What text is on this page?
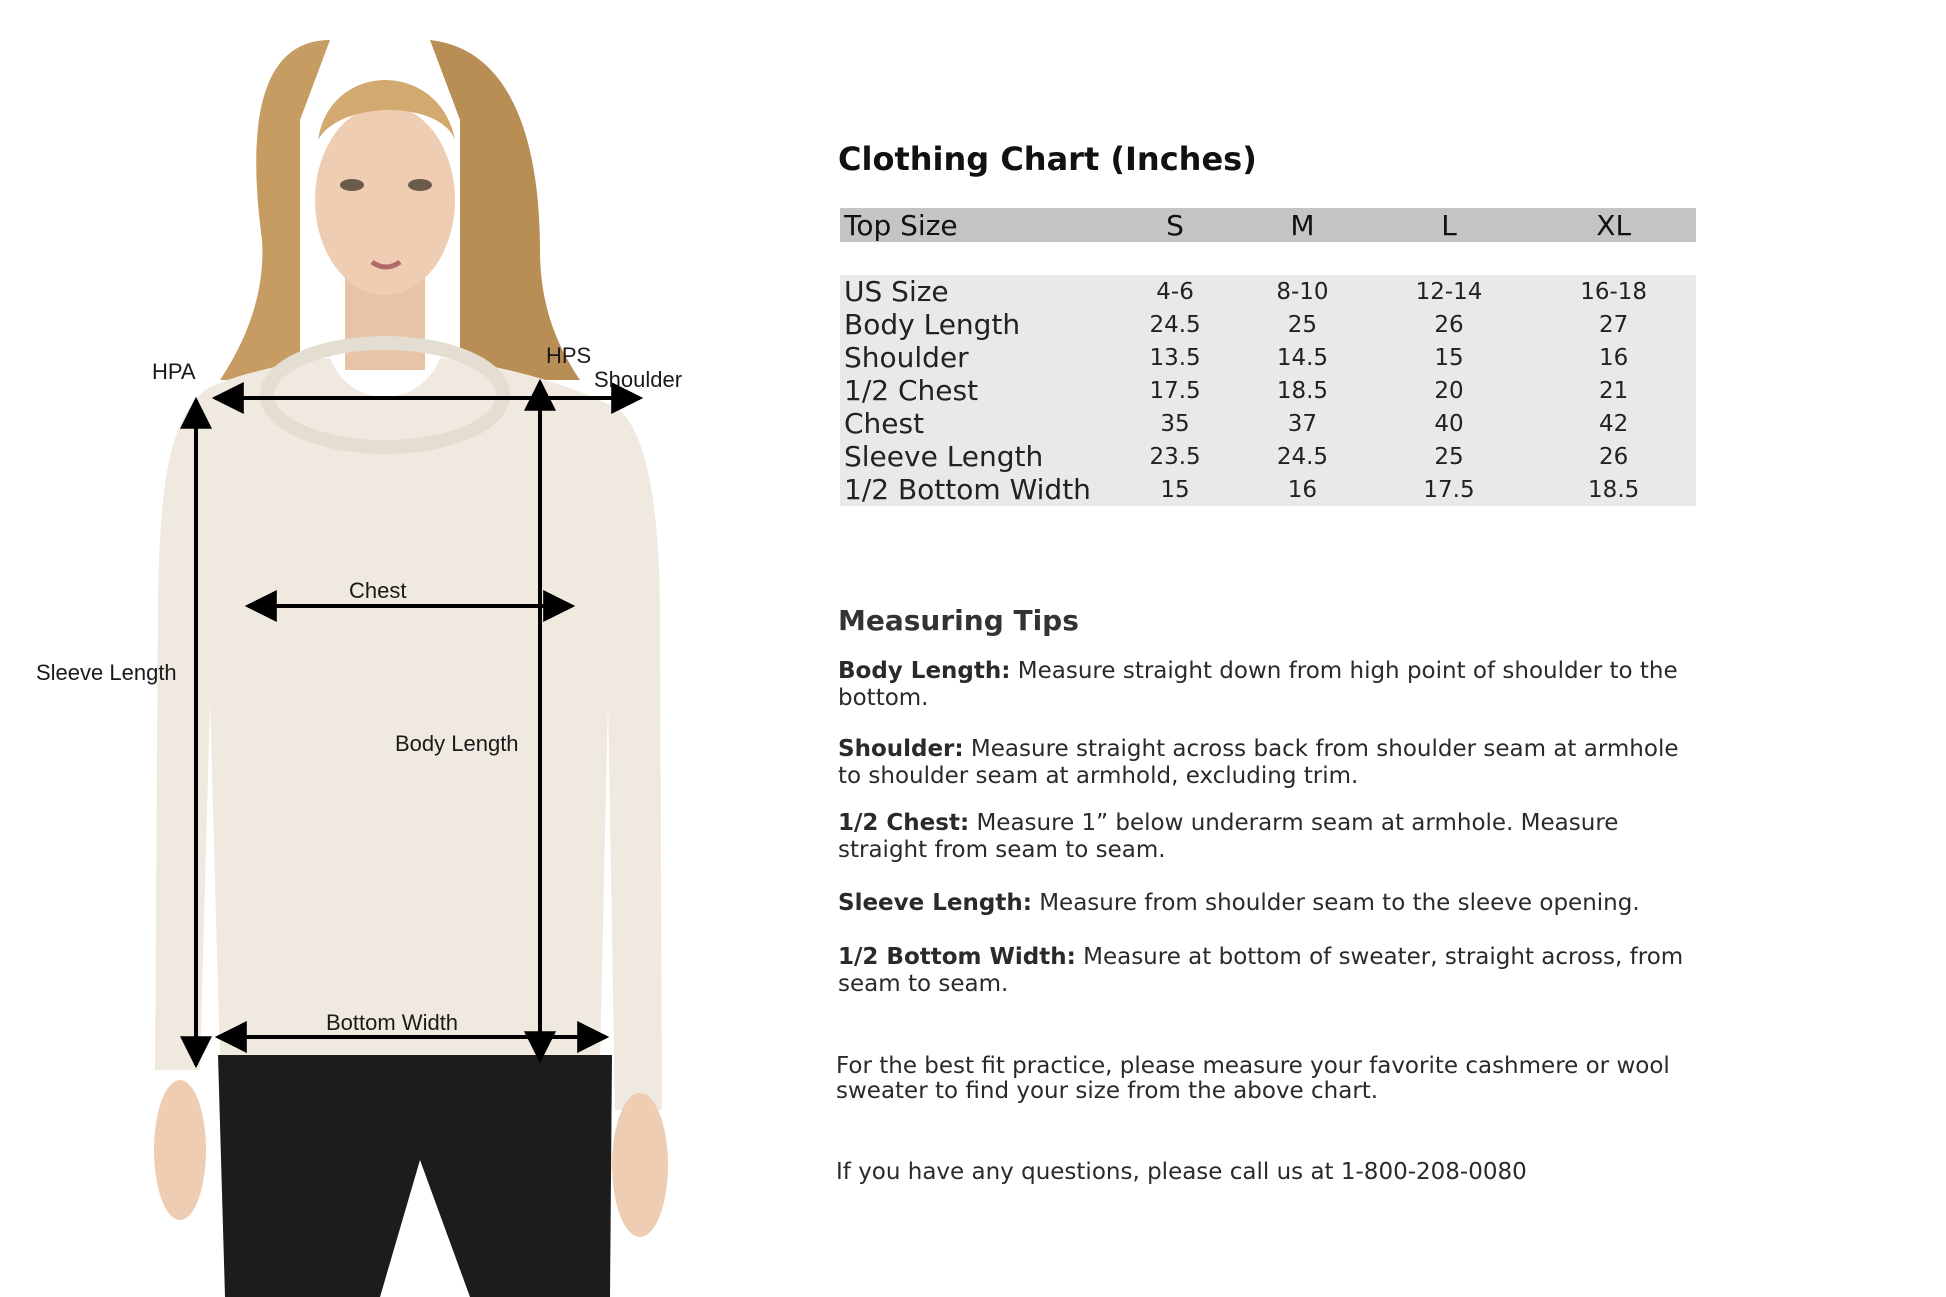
HPA
HPS
Shoulder
Chest
Sleeve Length
Body Length
Bottom Width
Clothing Chart (Inches)
Top Size	S	M	L	XL

US Size	4-6	8-10	12-14	16-18
Body Length	24.5	25	26	27
Shoulder	13.5	14.5	15	16
1/2 Chest	17.5	18.5	20	21
Chest	35	37	40	42
Sleeve Length	23.5	24.5	25	26
1/2 Bottom Width	15	16	17.5	18.5
Measuring Tips
Body Length: Measure straight down from high point of shoulder to the bottom.
Shoulder: Measure straight across back from shoulder seam at armhole to shoulder seam at armhold, excluding trim.
1/2 Chest: Measure 1” below underarm seam at armhole. Measure straight from seam to seam.
Sleeve Length: Measure from shoulder seam to the sleeve opening.
1/2 Bottom Width: Measure at bottom of sweater, straight across, from seam to seam.
For the best fit practice, please measure your favorite cashmere or wool sweater to find your size from the above chart.
If you have any questions, please call us at 1-800-208-0080
